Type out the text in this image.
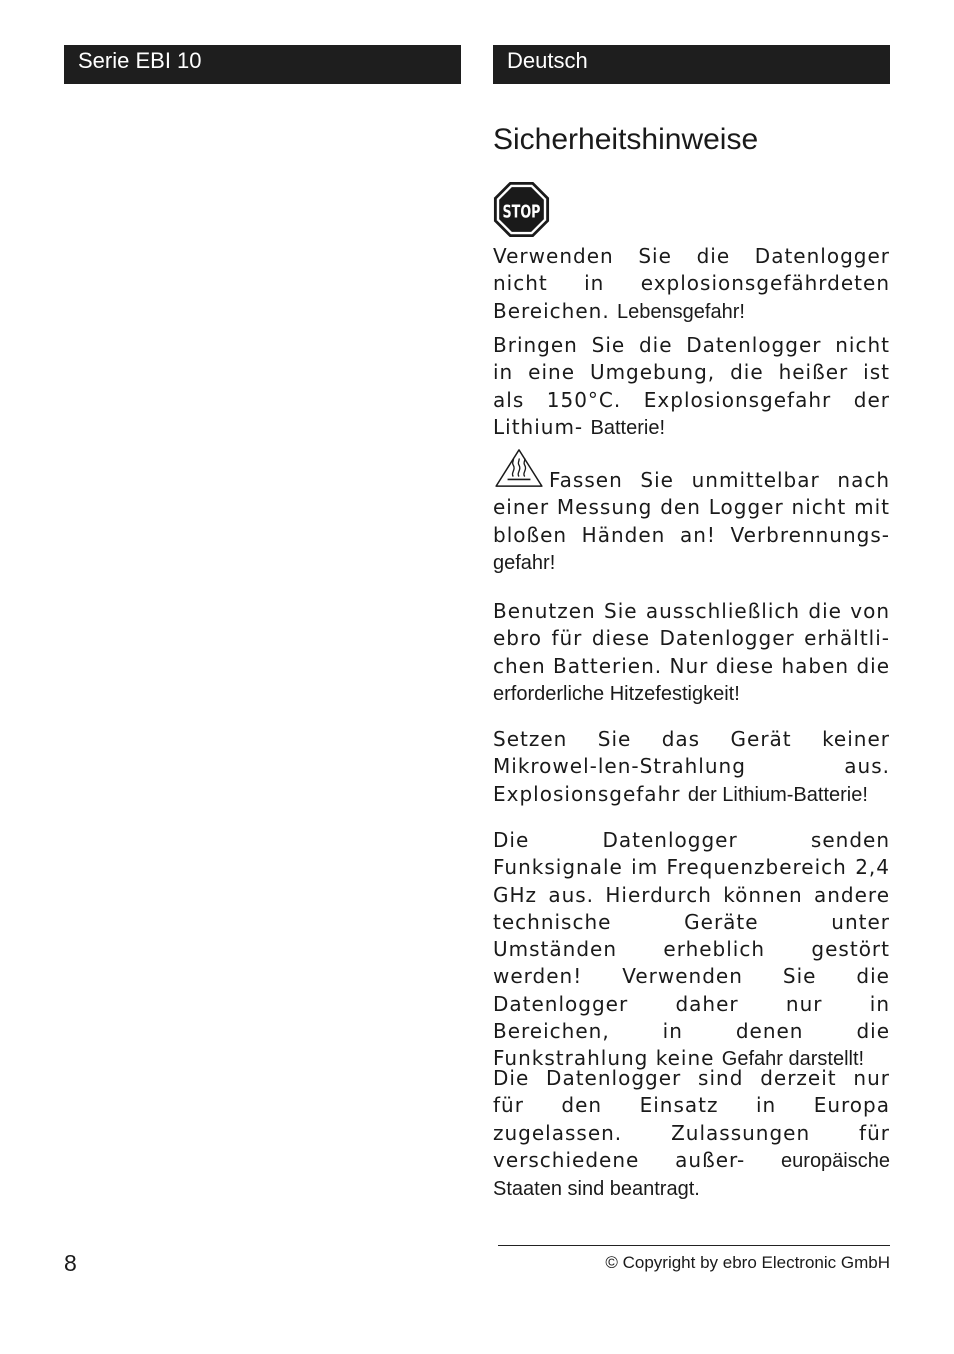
Serie EBI 10	Deutsch
Sicherheitshinweise
STOP

Verwenden Sie die Datenlogger nicht in explosionsgefährdeten Bereichen. Lebensgefahr!

Bringen Sie die Datenlogger nicht in eine Umgebung, die heißer ist als 150°C. Explosionsgefahr der Lithium- Batterie!

Fassen Sie unmittelbar nach einer Messung den Logger nicht mit bloßen Händen an! Verbrennungs- gefahr!

Benutzen Sie ausschließlich die von ebro für diese Datenlogger erhältli-chen Batterien. Nur diese haben die erforderliche Hitzefestigkeit!

Setzen Sie das Gerät keiner Mikrowel-len-Strahlung aus. Explosionsgefahr der Lithium-Batterie!

Die Datenlogger senden Funksignale im Frequenzbereich 2,4 GHz aus. Hierdurch können andere technische Geräte unter Umständen erheblich gestört werden! Verwenden Sie die Datenlogger daher nur in Bereichen, in denen die Funkstrahlung keine Gefahr darstellt!

Die Datenlogger sind derzeit nur für den Einsatz in Europa zugelassen. Zulassungen für verschiedene außer- europäische Staaten sind beantragt.

8	© Copyright by ebro Electronic GmbH
